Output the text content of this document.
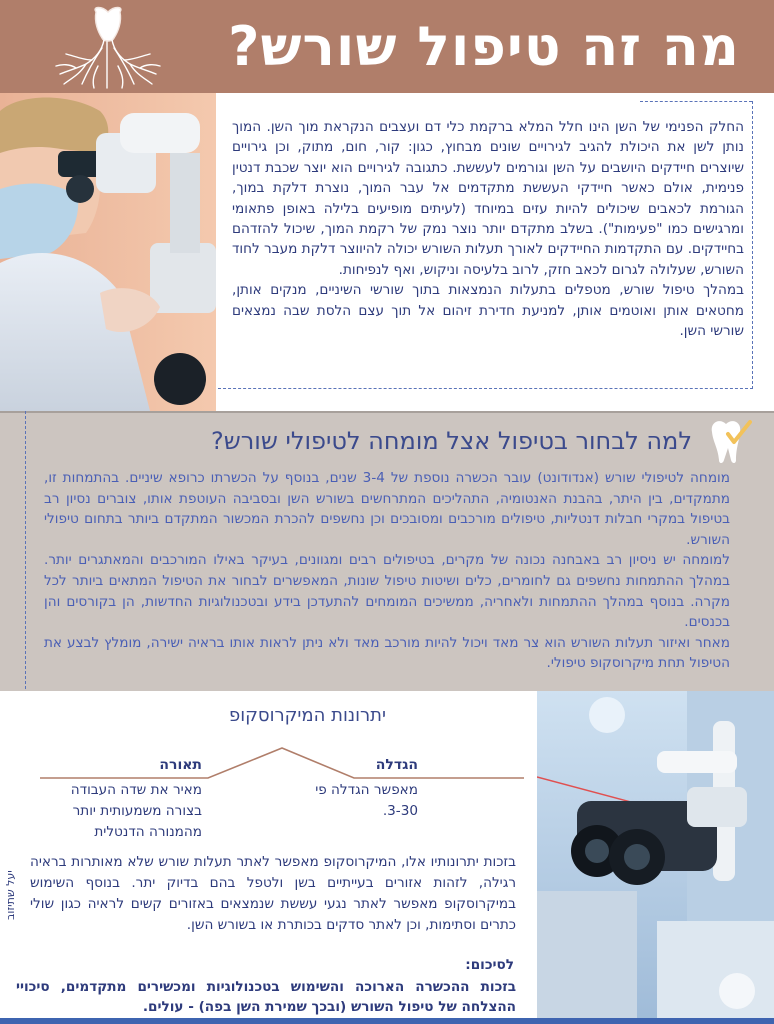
מה זה טיפול שורש?

החלק הפנימי של השן הינו חלל המלא ברקמת כלי דם ועצבים הנקראת מוך השן. המוך נותן לשן את היכולת להגיב לגירויים שונים מבחוץ, כגון: קור, חום, מתוק, וכן גירויים שיוצרים חיידקים היושבים על השן וגורמים לעששת. כתגובה לגירויים הוא יוצר שכבת דנטין פנימית, אולם כאשר חיידקי העששת מתקדמים אל עבר המוך, נוצרת דלקת במוך, הגורמת לכאבים שיכולים להיות עזים במיוחד (לעיתים מופיעים בלילה באופן פתאומי ומרגישים כמו "פעימות"). בשלב מתקדם יותר נוצר נמק של רקמת המוך, שיכול להזדהם בחיידקים. עם התקדמות החיידקים לאורך תעלות השורש יכולה להיווצר דלקת מעבר לחוד השורש, שעלולה לגרום לכאב חזק, לרוב בלעיסה וניקוש, ואף לנפיחות.

במהלך טיפול שורש, מטפלים בתעלות הנמצאות בתוך שורשי השיניים, מנקים אותן, מחטאים אותן ואוטמים אותן, למניעת חדירת זיהום אל תוך עצם הלסת שבה נמצאים שורשי השן.

למה לבחור בטיפול אצל מומחה לטיפולי שורש?

מומחה לטיפולי שורש (אנדודונט) עובר הכשרה נוספת של 3-4 שנים, בנוסף על הכשרתו כרופא שיניים. בהתמחות זו, מתמקדים, בין היתר, בהבנת האנטומיה, התהליכים המתרחשים בשורש השן ובסביבה העוטפת אותו, צוברים נסיון רב בטיפול במקרי חבלות דנטליות, טיפולים מורכבים ומסובכים וכן נחשפים להכרת המכשור המתקדם ביותר בתחום טיפולי השורש.

למומחה יש ניסיון רב באבחנה נכונה של מקרים, בטיפולים רבים ומגוונים, בעיקר באילו המורכבים והמאתגרים יותר. במהלך ההתמחות נחשפים גם לחומרים, כלים ושיטות טיפול שונות, המאפשרים לבחור את הטיפול המתאים ביותר לכל מקרה. בנוסף במהלך ההתמחות ולאחריה, ממשיכים המומחים להתעדכן בידע ובטכנולוגיות החדשות, הן בקורסים והן בכנסים.

מאחר ואיזור תעלות השורש הוא צר מאד ויכול להיות מורכב מאד ולא ניתן לראות אותו בראיה ישירה, מומלץ לבצע את הטיפול תחת מיקרוסקופ טיפולי.

יתרונות המיקרוסקופ

הגדלה

מאפשר הגדלה פי 3-30.

תאורה

מאיר את שדה העבודה בצורה משמעותית יותר מהמנורה הדנטלית

יעל שתיזוב

בזכות יתרונותיו אלו, המיקרוסקופ מאפשר לאתר תעלות שורש שלא מאותרות בראיה רגילה, לזהות אזורים בעייתיים בשן ולטפל בהם בדיוק יתר. בנוסף השימוש במיקרוסקופ מאפשר לאתר נגעי עששת שנמצאים באזורים קשים לראיה כגון שולי כתרים וסתימות, וכן לאתר סדקים בכותרת או בשורש השן.

לסיכום:

בזכות ההכשרה הארוכה והשימוש בטכנולוגיות ומכשירים מתקדמים, סיכויי ההצלחה של טיפול השורש (ובכך שמירת השן בפה) - עולים.
